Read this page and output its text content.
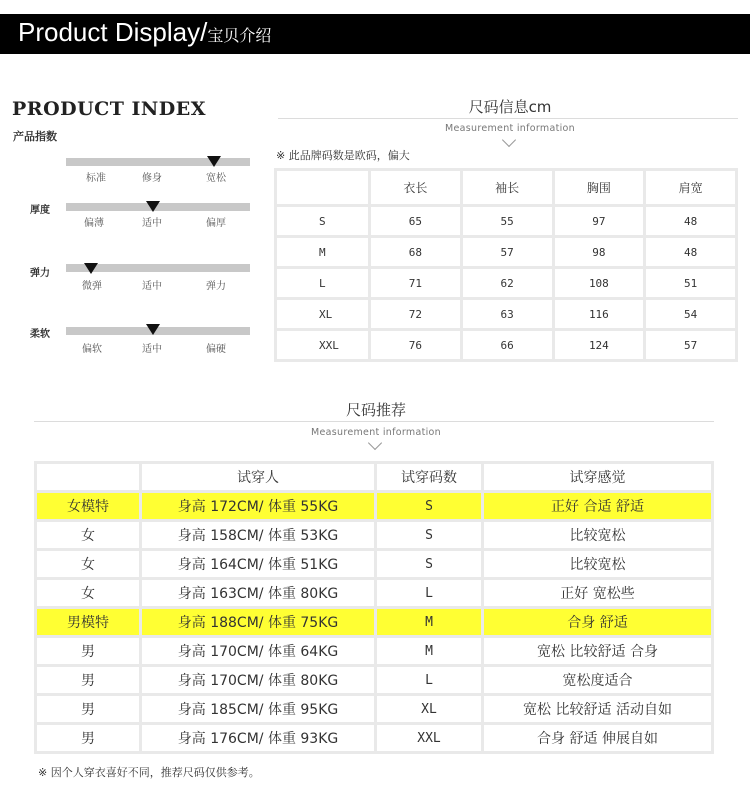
Product Display/宝贝介绍
PRODUCT INDEX
产品指数
标准	修身	宽松
厚度
偏薄	适中	偏厚
弹力
微弹	适中	弹力
柔软
偏软	适中	偏硬
尺码信息cm
Measurement information
※ 此品牌码数是欧码，偏大
	衣长	袖长	胸围	肩宽
S	65	55	97	48
M	68	57	98	48
L	71	62	108	51
XL	72	63	116	54
XXL	76	66	124	57
尺码推荐
Measurement information
	试穿人	试穿码数	试穿感觉
女模特	身高 172CM/ 体重 55KG	S	正好 合适 舒适
女	身高 158CM/ 体重 53KG	S	比较宽松
女	身高 164CM/ 体重 51KG	S	比较宽松
女	身高 163CM/ 体重 80KG	L	正好 宽松些
男模特	身高 188CM/ 体重 75KG	M	合身 舒适
男	身高 170CM/ 体重 64KG	M	宽松 比较舒适 合身
男	身高 170CM/ 体重 80KG	L	宽松度适合
男	身高 185CM/ 体重 95KG	XL	宽松 比较舒适 活动自如
男	身高 176CM/ 体重 93KG	XXL	合身 舒适 伸展自如
※ 因个人穿衣喜好不同，推荐尺码仅供参考。
